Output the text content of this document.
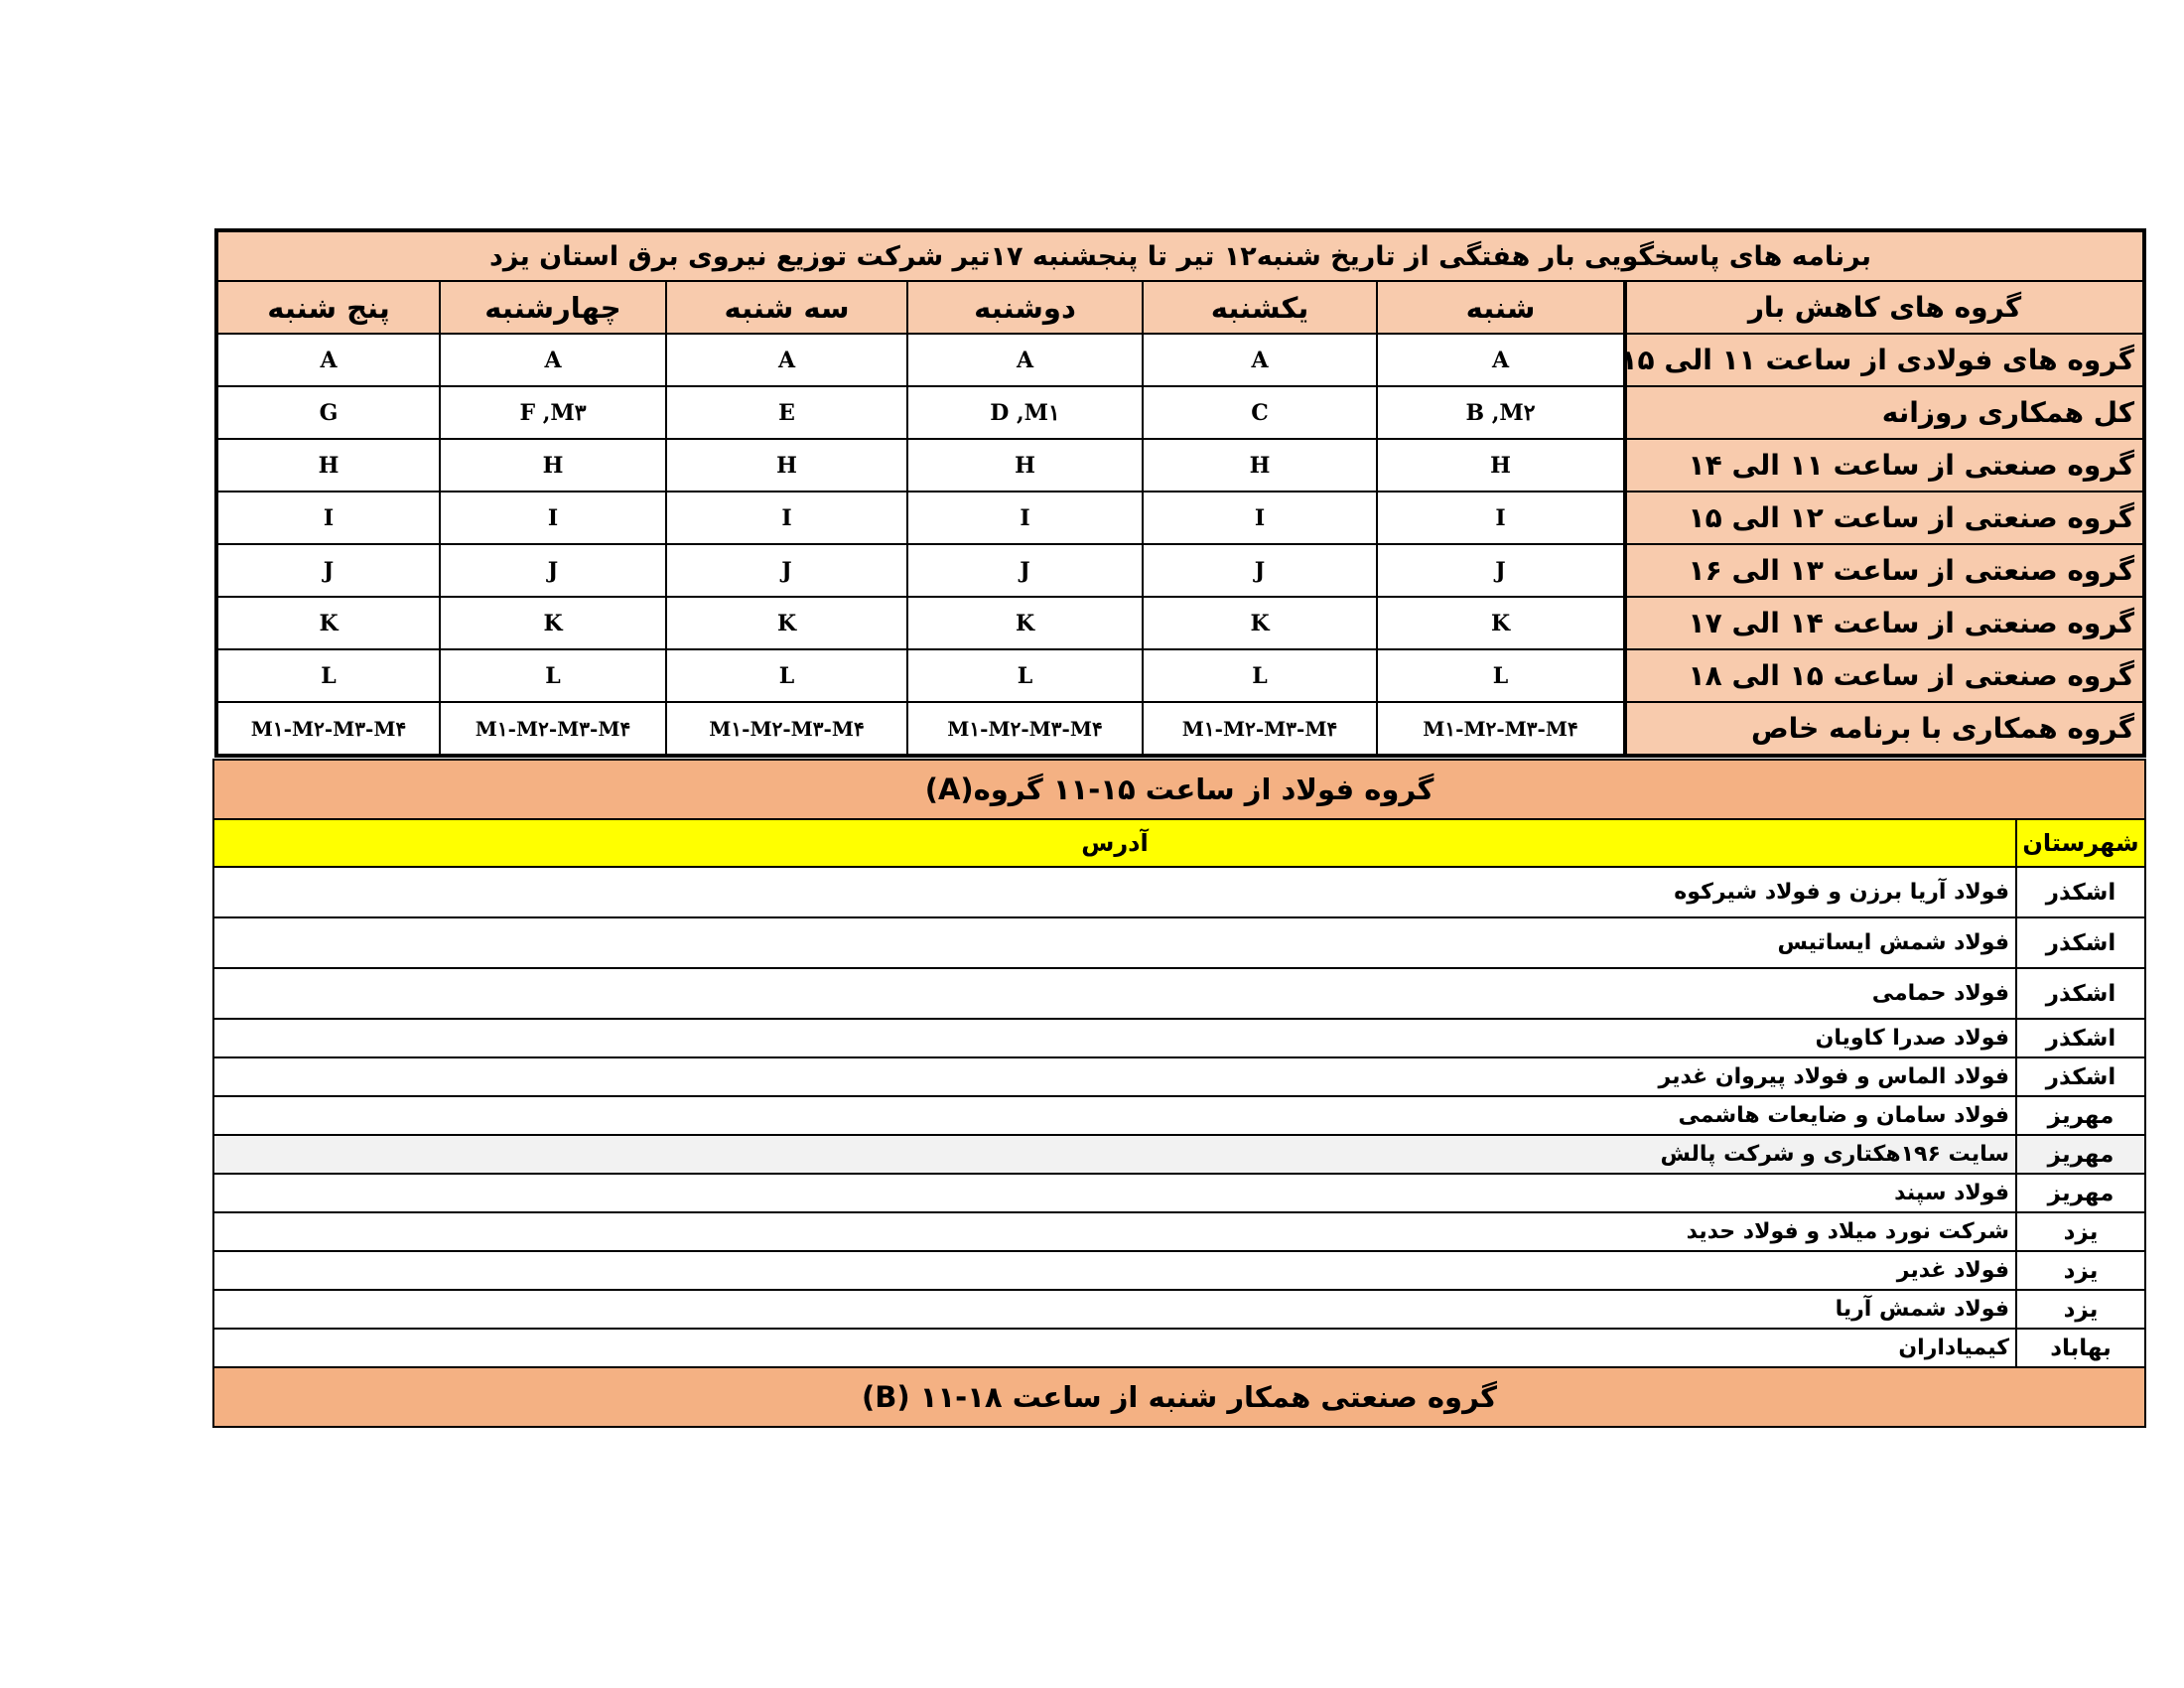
برنامه های پاسخگویی بار هفتگی از تاریخ شنبه۱۲ تیر تا پنجشنبه ۱۷تیر شرکت توزیع نیروی برق استان یزد						
پنج شنبه	چهارشنبه	سه شنبه	دوشنبه	یکشنبه	شنبه	گروه های کاهش بار
A	A	A	A	A	A	گروه های فولادی از ساعت ۱۱ الی ۱۵
G	F ,M۳	E	D ,M۱	C	B ,M۲	کل همکاری روزانه
H	H	H	H	H	H	گروه صنعتی از ساعت ۱۱ الی ۱۴
I	I	I	I	I	I	گروه صنعتی از ساعت ۱۲ الی ۱۵
J	J	J	J	J	J	گروه صنعتی از ساعت ۱۳ الی ۱۶
K	K	K	K	K	K	گروه صنعتی از ساعت ۱۴ الی ۱۷
L	L	L	L	L	L	گروه صنعتی از ساعت ۱۵ الی ۱۸
M۱-M۲-M۳-M۴	M۱-M۲-M۳-M۴	M۱-M۲-M۳-M۴	M۱-M۲-M۳-M۴	M۱-M۲-M۳-M۴	M۱-M۲-M۳-M۴	گروه همکاری با برنامه خاص
گروه فولاد از ساعت ۱۵-۱۱ گروه(A)	
آدرس	شهرستان
فولاد آریا برزن و فولاد شیرکوه	اشکذر
فولاد شمش ایساتیس	اشکذر
فولاد حمامی	اشکذر
فولاد صدرا کاویان	اشکذر
فولاد الماس و فولاد پیروان غدیر	اشکذر
فولاد سامان و ضایعات هاشمی	مهریز
سایت ۱۹۶هکتاری و شرکت پالش	مهریز
فولاد سپند	مهریز
شرکت نورد میلاد و فولاد حدید	یزد
فولاد غدیر	یزد
فولاد شمش آریا	یزد
کیمیاداران	بهاباد
گروه صنعتی همکار شنبه از ساعت ۱۸-۱۱ (B)	
